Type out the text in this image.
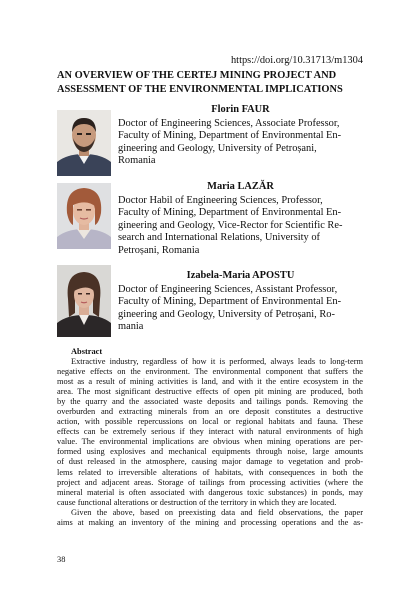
https://doi.org/10.31713/m1304
AN OVERVIEW OF THE CERTEJ MINING PROJECT AND
ASSESSMENT OF THE ENVIRONMENTAL IMPLICATIONS
Florin FAUR
Doctor of Engineering Sciences, Associate Professor,
Faculty of Mining, Department of Environmental En-
gineering and Geology, University of Petroșani,
Romania
Maria LAZĂR
Doctor Habil of Engineering Sciences, Professor,
Faculty of Mining, Department of Environmental En-
gineering and Geology, Vice-Rector for Scientific Re-
search and International Relations, University of
Petroșani, Romania
Izabela-Maria APOSTU
Doctor of Engineering Sciences, Assistant Professor,
Faculty of Mining, Department of Environmental En-
gineering and Geology, University of Petroșani, Ro-
mania
Abstract
Extractive industry, regardless of how it is performed, always leads to long-term
negative effects on the environment. The environmental component that suffers the
most as a result of mining activities is land, and with it the entire ecosystem in the
area. The most significant destructive effects of open pit mining are produced, both
by the quarry and the associated waste deposits and tailings ponds. Removing the
overburden and extracting minerals from an ore deposit constitutes a destructive
action, with possible repercussions on local or regional habitats and fauna. These
effects can be extremely serious if they interact with natural environments of high
value. The environmental implications are obvious when mining operations are per-
formed using explosives and mechanical equipments through noise, large amounts
of dust released in the atmosphere, causing major damage to vegetation and prob-
lems related to irreversible alterations of habitats, with consequences in both the
project and adjacent areas. Storage of tailings from processing activities (where the
mineral material is often associated with dangerous toxic substances) in ponds, may
cause functional alterations or destruction of the territory in which they are located.
Given the above, based on preexisting data and field observations, the paper
aims at making an inventory of the mining and processing operations and the as-
38
